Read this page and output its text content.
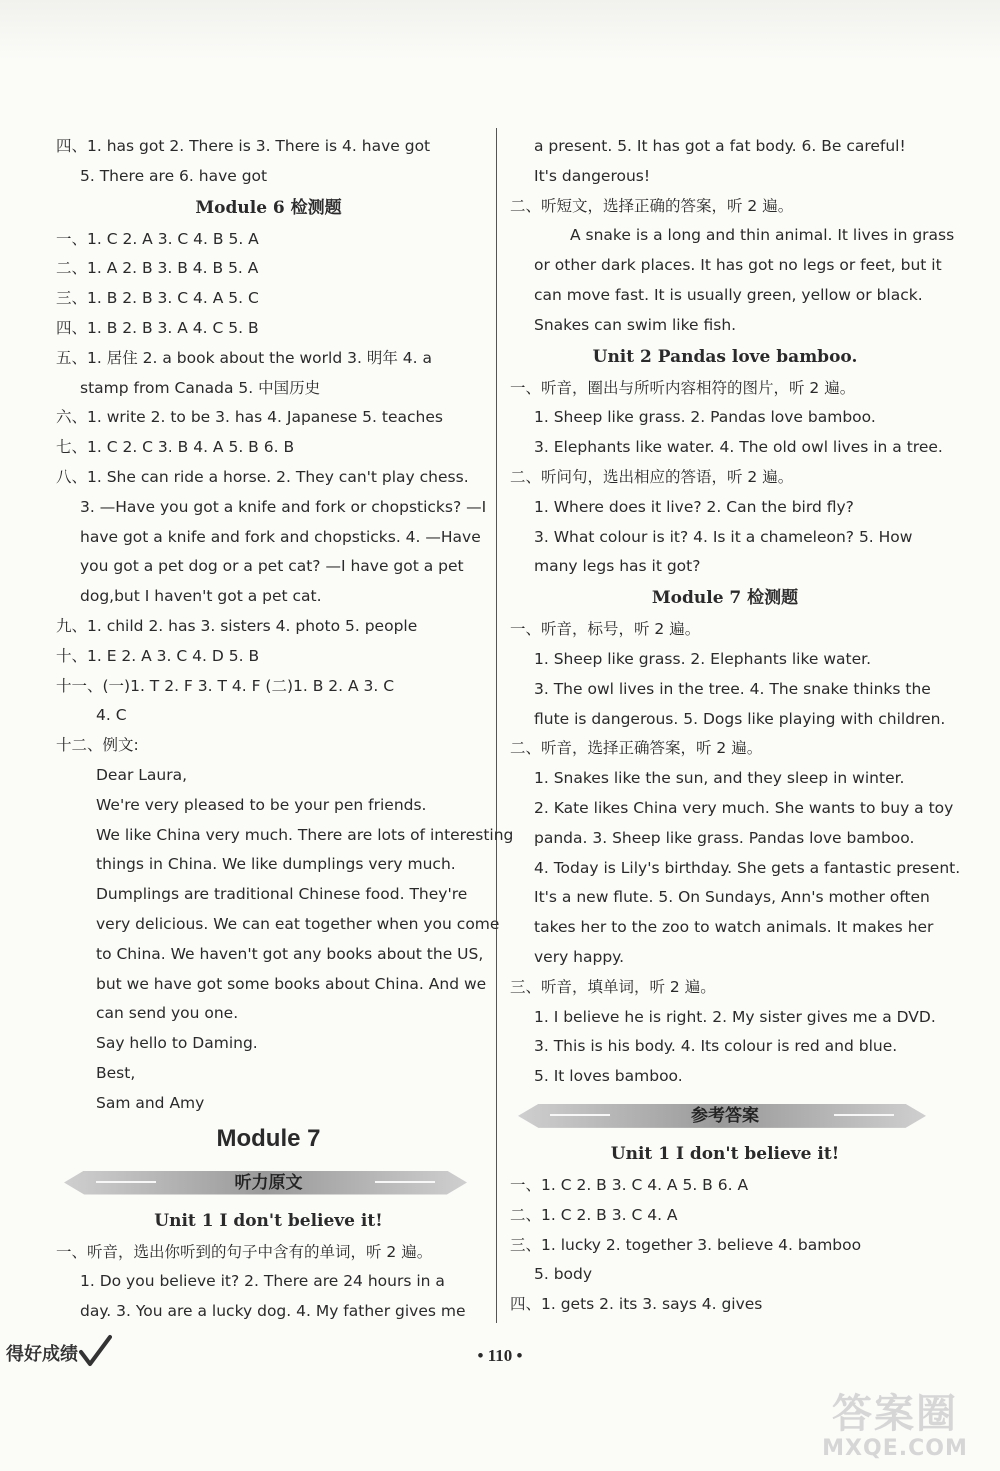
四、1. has got 2. There is 3. There is 4. have got
5. There are 6. have got
Module 6 检测题
一、1. C 2. A 3. C 4. B 5. A
二、1. A 2. B 3. B 4. B 5. A
三、1. B 2. B 3. C 4. A 5. C
四、1. B 2. B 3. A 4. C 5. B
五、1. 居住 2. a book about the world 3. 明年 4. a
stamp from Canada 5. 中国历史
六、1. write 2. to be 3. has 4. Japanese 5. teaches
七、1. C 2. C 3. B 4. A 5. B 6. B
八、1. She can ride a horse. 2. They can't play chess.
3. —Have you got a knife and fork or chopsticks? —I
have got a knife and fork and chopsticks. 4. —Have
you got a pet dog or a pet cat? —I have got a pet
dog,but I haven't got a pet cat.
九、1. child 2. has 3. sisters 4. photo 5. people
十、1. E 2. A 3. C 4. D 5. B
十一、(一)1. T 2. F 3. T 4. F (二)1. B 2. A 3. C
4. C
十二、例文:
Dear Laura,
We're very pleased to be your pen friends.
We like China very much. There are lots of interesting
things in China. We like dumplings very much.
Dumplings are traditional Chinese food. They're
very delicious. We can eat together when you come
to China. We haven't got any books about the US,
but we have got some books about China. And we
can send you one.
Say hello to Daming.
Best,
Sam and Amy
Module 7
听力原文
Unit 1 I don't believe it!
一、听音，选出你听到的句子中含有的单词，听 2 遍。
1. Do you believe it? 2. There are 24 hours in a
day. 3. You are a lucky dog. 4. My father gives me
a present. 5. It has got a fat body. 6. Be careful!
It's dangerous!
二、听短文，选择正确的答案，听 2 遍。
A snake is a long and thin animal. It lives in grass
or other dark places. It has got no legs or feet, but it
can move fast. It is usually green, yellow or black.
Snakes can swim like fish.
Unit 2 Pandas love bamboo.
一、听音，圈出与所听内容相符的图片，听 2 遍。
1. Sheep like grass. 2. Pandas love bamboo.
3. Elephants like water. 4. The old owl lives in a tree.
二、听问句，选出相应的答语，听 2 遍。
1. Where does it live? 2. Can the bird fly?
3. What colour is it? 4. Is it a chameleon? 5. How
many legs has it got?
Module 7 检测题
一、听音，标号，听 2 遍。
1. Sheep like grass. 2. Elephants like water.
3. The owl lives in the tree. 4. The snake thinks the
flute is dangerous. 5. Dogs like playing with children.
二、听音，选择正确答案，听 2 遍。
1. Snakes like the sun, and they sleep in winter.
2. Kate likes China very much. She wants to buy a toy
panda. 3. Sheep like grass. Pandas love bamboo.
4. Today is Lily's birthday. She gets a fantastic present.
It's a new flute. 5. On Sundays, Ann's mother often
takes her to the zoo to watch animals. It makes her
very happy.
三、听音，填单词，听 2 遍。
1. I believe he is right. 2. My sister gives me a DVD.
3. This is his body. 4. Its colour is red and blue.
5. It loves bamboo.
参考答案
Unit 1 I don't believe it!
一、1. C 2. B 3. C 4. A 5. B 6. A
二、1. C 2. B 3. C 4. A
三、1. lucky 2. together 3. believe 4. bamboo
5. body
四、1. gets 2. its 3. says 4. gives
得好成绩	• 110 •
答案圈
MXQE.COM
